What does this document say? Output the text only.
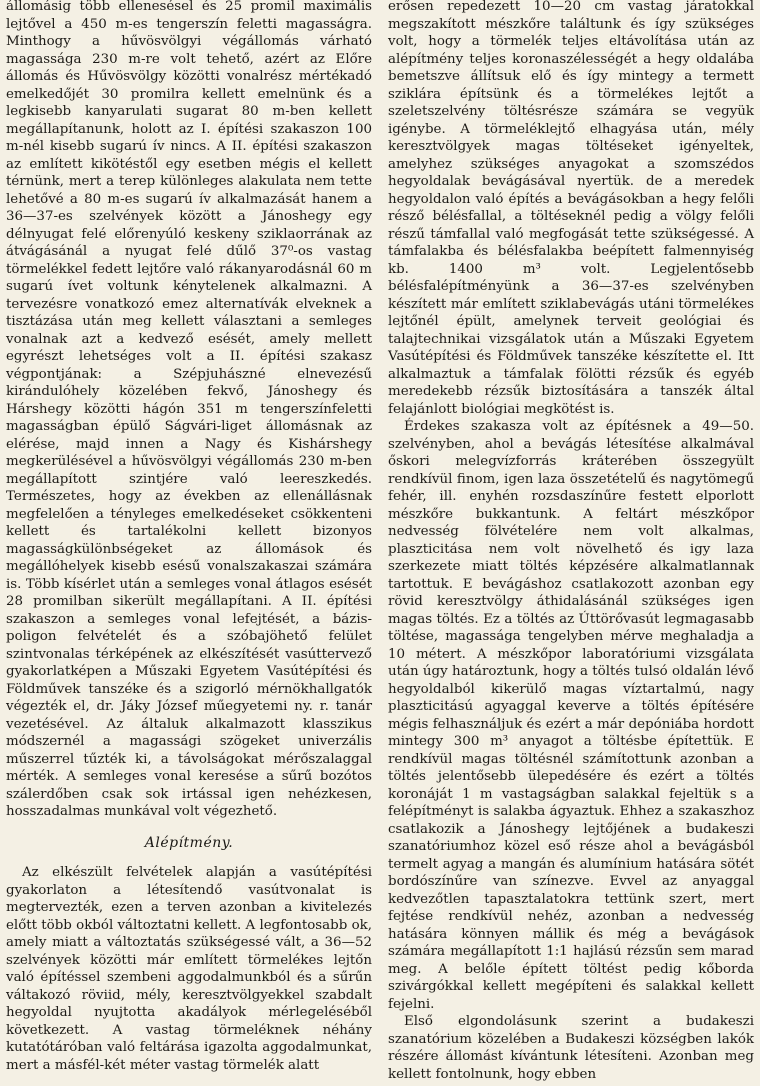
állomásig több ellenesésel és 25 promil maximális lejtővel a 450 m-es tengerszín feletti magasságra. Minthogy a hűvösvölgyi végállomás várható magassága 230 m-re volt tehető, azért az Előre állomás és Hűvösvölgy közötti vonalrész mértékadó emelkedőjét 30 promilra kellett emelnünk és a legkisebb kanyarulati sugarat 80 m-ben kellett megállapítanunk, holott az I. építési szakaszon 100 m-nél kisebb sugarú ív nincs. A II. építési szakaszon az említett kikötéstől egy esetben mégis el kellett térnünk, mert a terep különleges alakulata nem tette lehetővé a 80 m-es sugarú ív alkalmazását hanem a 36—37-es szelvények között a Jánoshegy egy délnyugat felé előrenyúló keskeny sziklaorrának az átvágásánál a nyugat felé dűlő 37⁰-os vastag törmelékkel fedett lejtőre való rákanyarodásnál 60 m sugarú ívet voltunk kénytelenek alkalmazni. A tervezésre vonatkozó emez alternatívák elveknek a tisztázása után meg kellett választani a semleges vonalnak azt a kedvező esését, amely mellett egyrészt lehetséges volt a II. építési szakasz végpontjának: a Szépjuhászné elnevezésű kirándulóhely közelében fekvő, Jánoshegy és Hárshegy közötti hágón 351 m tengerszínfeletti magasságban épülő Ságvári-liget állomásnak az elérése, majd innen a Nagy és Kishárshegy megkerülésével a hűvösvölgyi végállomás 230 m-ben megállapított szintjére való leereszkedés. Természetes, hogy az években az ellenállásnak megfelelően a tényleges emelkedéseket csökkenteni kellett és tartalékolni kellett bizonyos magasságkülönbségeket az állomások és megállóhelyek kisebb esésű vonalszakaszai számára is. Több kísérlet után a semleges vonal átlagos esését 28 promilban sikerült megállapítani. A II. építési szakaszon a semleges vonal lefejtését, a bázis-poligon felvételét és a szóbajöhető felület szintvonalas térképének az elkészítését vasúttervező gyakorlatképen a Műszaki Egyetem Vasútépítési és Földművek tanszéke és a szigorló mérnökhallgatók végezték el, dr. Jáky József műegyetemi ny. r. tanár vezetésével. Az általuk alkalmazott klasszikus módszernél a magassági szögeket univerzális műszerrel tűzték ki, a távolságokat mérőszalaggal mérték. A semleges vonal keresése a sűrű bozótos szálerdőben csak sok irtással igen nehézkesen, hosszadalmas munkával volt végezhető.

Alépítmény.

Az elkészült felvételek alapján a vasútépítési gyakorlaton a létesítendő vasútvonalat is megtervezték, ezen a terven azonban a kivitelezés előtt több okból változtatni kellett. A legfontosabb ok, amely miatt a változtatás szükségessé vált, a 36—52 szelvények közötti már említett törmelékes lejtőn való építéssel szembeni aggodalmunkból és a sűrűn váltakozó röviid, mély, keresztvölgyekkel szabdalt hegyoldal nyujtotta akadályok mérlegeléséből következett. A vastag törmeléknek néhány kutatótáróban való feltárása igazolta aggodalmunkat, mert a másfél-két méter vastag törmelék alatt

erősen repedezett 10—20 cm vastag járatokkal megszakított mészkőre találtunk és így szükséges volt, hogy a törmelék teljes eltávolítása után az alépítmény teljes koronaszélességét a hegy oldalába bemetszve állítsuk elő és így mintegy a termett sziklára építsünk és a törmelékes lejtőt a szeletszelvény töltésrésze számára se vegyük igénybe. A törmeléklejtő elhagyása után, mély keresztvölgyek magas töltéseket igényeltek, amelyhez szükséges anyagokat a szomszédos hegyoldalak bevágásával nyertük. de a meredek hegyoldalon való építés a bevágásokban a hegy felőli résző bélésfallal, a töltéseknél pedig a völgy felőli részű támfallal való megfogását tette szükségessé. A támfalakba és bélésfalakba beépített falmennyiség kb. 1400 m³ volt. Legjelentősebb bélésfalépítményünk a 36—37-es szelvényben készített már említett sziklabevágás utáni törmelékes lejtőnél épült, amelynek terveit geológiai és talajtechnikai vizsgálatok után a Műszaki Egyetem Vasútépítési és Földművek tanszéke készítette el. Itt alkalmaztuk a támfalak fölötti rézsűk és egyéb meredekebb rézsűk biztosítására a tanszék által felajánlott biológiai megkötést is.

Érdekes szakasza volt az építésnek a 49—50. szelvényben, ahol a bevágás létesítése alkalmával őskori melegvízforrás kráterében összegyült rendkívül finom, igen laza összetételű és nagytömegű fehér, ill. enyhén rozsdaszínűre festett elporlott mészkőre bukkantunk. A feltárt mészkőpor nedvesség fölvételére nem volt alkalmas, plaszticitása nem volt növelhető és igy laza szerkezete miatt töltés képzésére alkalmatlannak tartottuk. E bevágáshoz csatlakozott azonban egy rövid keresztvölgy áthidalásánál szükséges igen magas töltés. Ez a töltés az Úttörővasút legmagasabb töltése, magassága tengelyben mérve meghaladja a 10 métert. A mészkőpor laboratóriumi vizsgálata után úgy határoztunk, hogy a töltés tulsó oldalán lévő hegyoldalból kikerülő magas víztartalmú, nagy plaszticitású agyaggal keverve a töltés építésére mégis felhasználjuk és ezért a már depóniába hordott mintegy 300 m³ anyagot a töltésbe építettük. E rendkívül magas töltésnél számítottunk azonban a töltés jelentősebb ülepedésére és ezért a töltés koronáját 1 m vastagságban salakkal fejeltük s a felépítményt is salakba ágyaztuk. Ehhez a szakaszhoz csatlakozik a Jánoshegy lejtőjének a budakeszi szanatóriumhoz közel eső része ahol a bevágásból termelt agyag a mangán és alumínium hatására sötét bordószínűre van színezve. Evvel az anyaggal kedvezőtlen tapasztalatokra tettünk szert, mert fejtése rendkívül nehéz, azonban a nedvesség hatására könnyen mállik és még a bevágások számára megállapított 1:1 hajlású rézsűn sem marad meg. A belőle épített töltést pedig kőborda szivárgókkal kellett megépíteni és salakkal kellett fejelni.

Első elgondolásunk szerint a budakeszi szanatórium közelében a Budakeszi községben lakók részére állomást kívántunk létesíteni. Azonban meg kellett fontolnunk, hogy ebben
